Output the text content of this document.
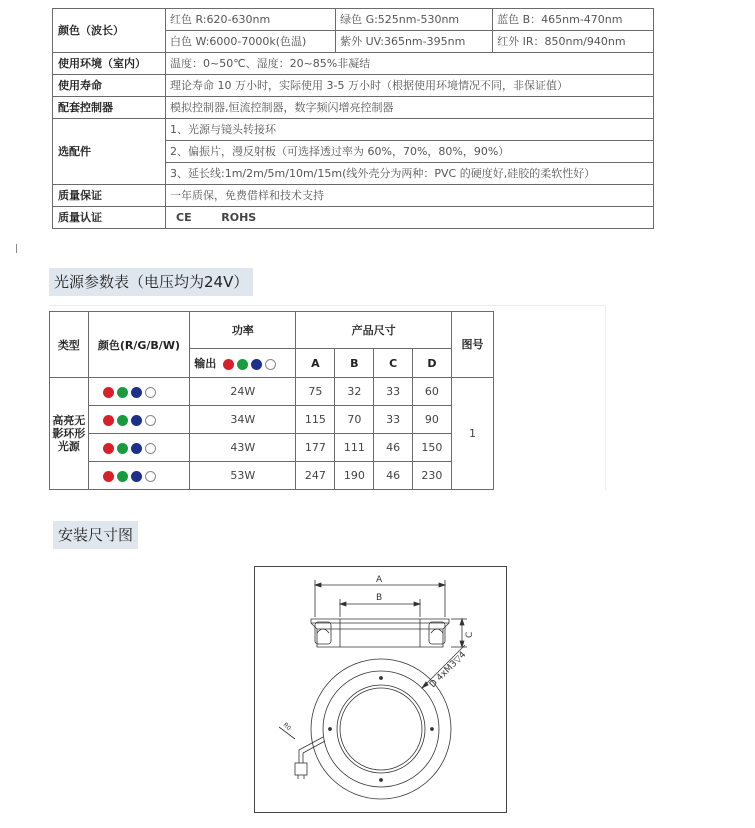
颜色（波长）	红色 R:620-630nm	绿色 G:525nm-530nm	蓝色 B：465nm-470nm
	白色 W:6000-7000k(色温)	紫外 UV:365nm-395nm	红外 IR：850nm/940nm
使用环境（室内）	温度：0~50℃、湿度：20~85%非凝结		
使用寿命	理论寿命 10 万小时，实际使用 3-5 万小时（根据使用环境情况不同，非保证值）		
配套控制器	模拟控制器,恒流控制器，数字频闪增亮控制器		
选配件	1、光源与镜头转接环		
	2、偏振片，漫反射板（可选择透过率为 60%，70%，80%，90%）		
	3、延长线:1m/2m/5m/10m/15m(线外壳分为两种：PVC 的硬度好,硅胶的柔软性好）		
质量保证	一年质保，免费借样和技术支持		
质量认证	CE ROHS		
光源参数表（电压均为24V）
类型	颜色(R/G/B/W)	功率	产品尺寸				图号
		输出	A	B	C	D	
高亮无影环形光源		24W	75	32	33	60	1
		34W	115	70	33	90	
		43W	177	111	46	150	
		53W	247	190	46	230	
安装尺寸图
A
B
C
D 4xM3▽4
R0
